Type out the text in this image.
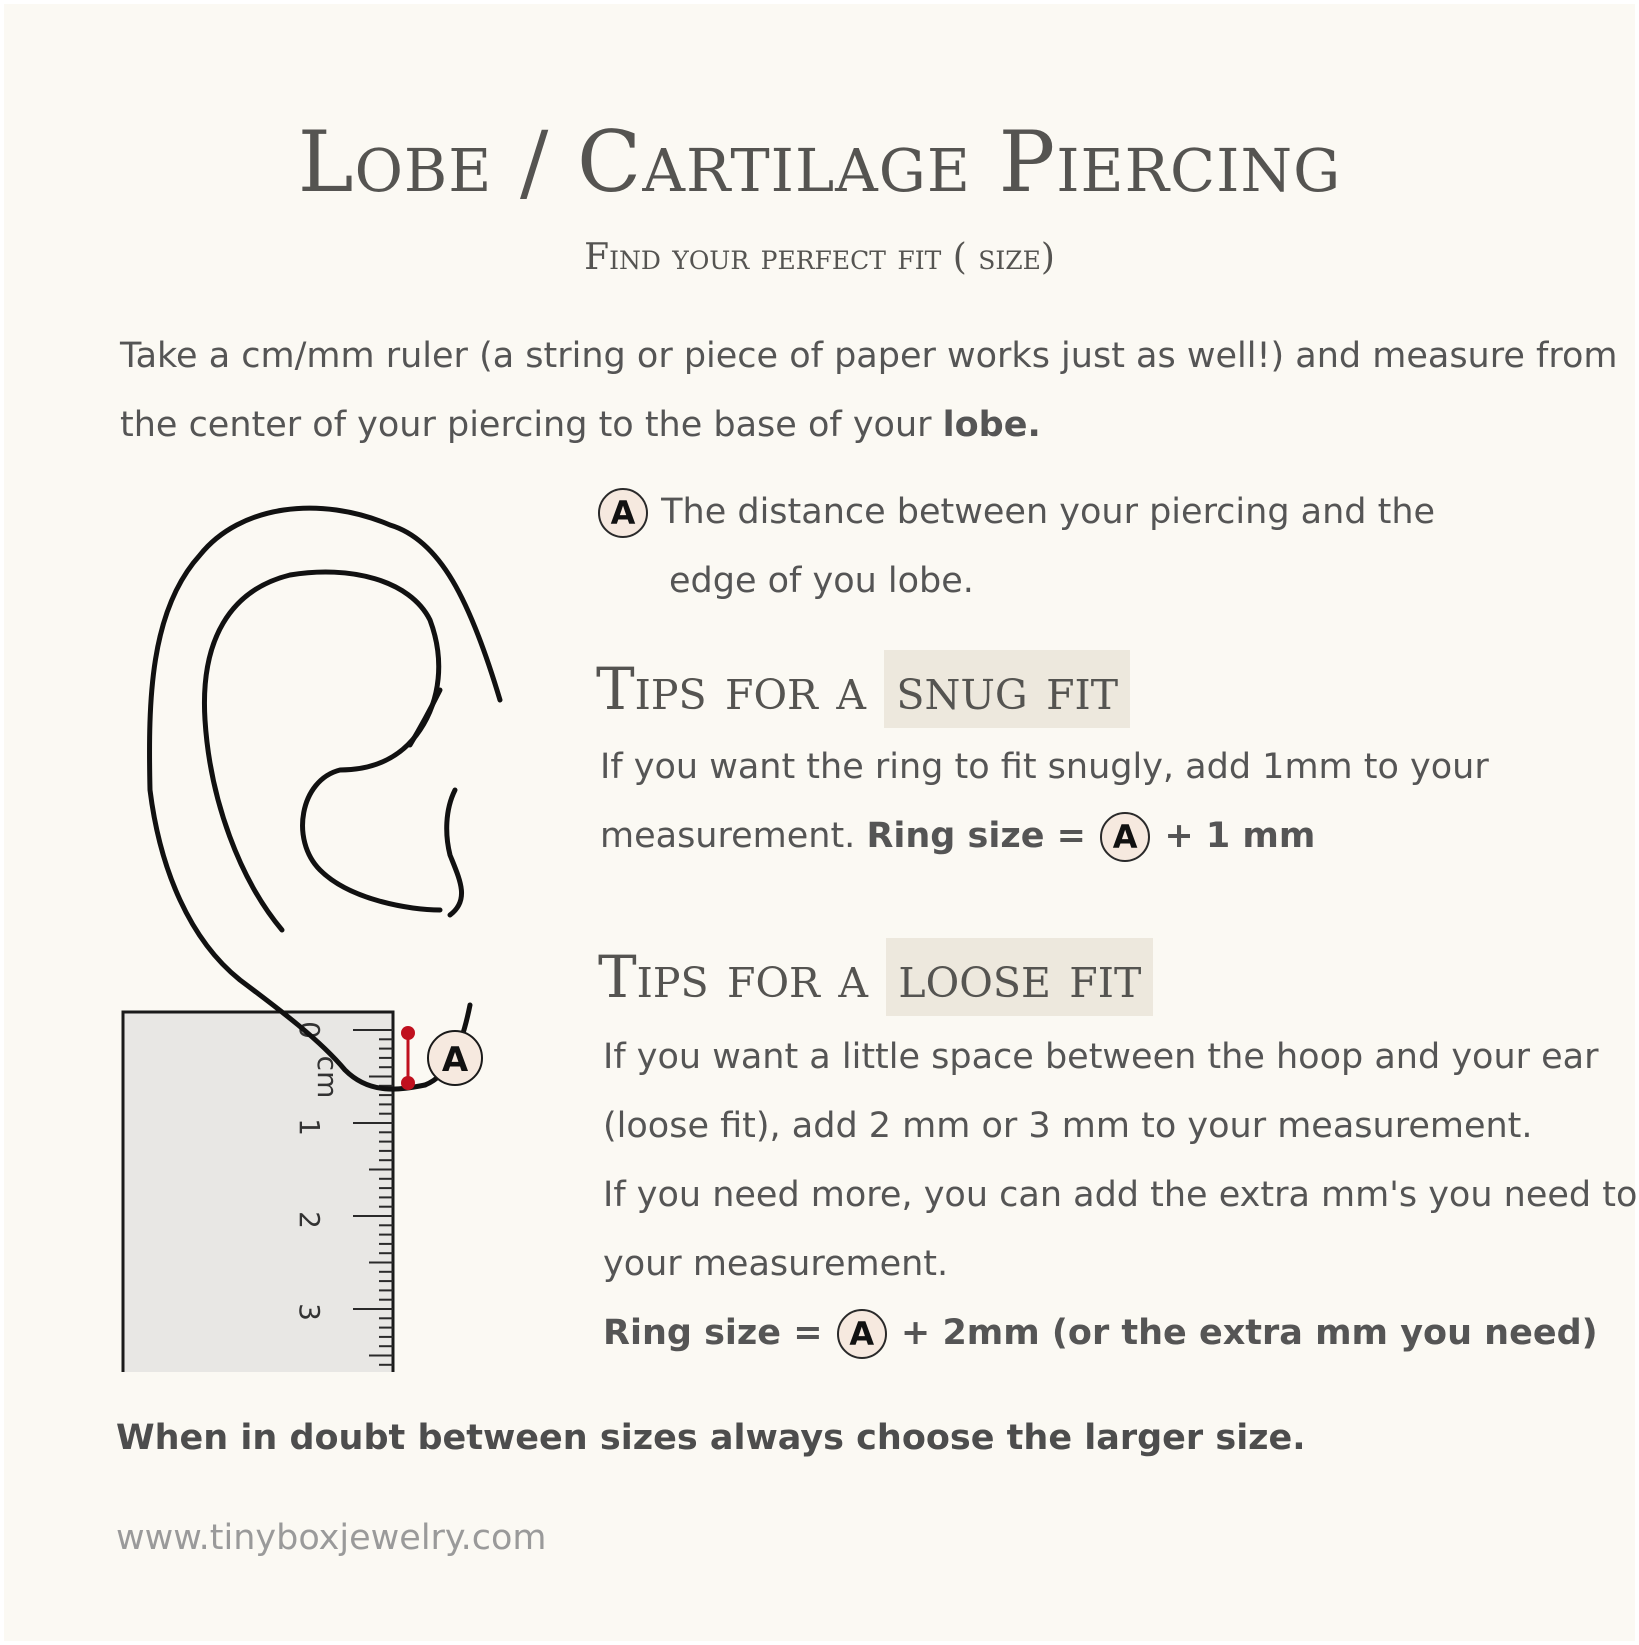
Lobe / Cartilage Piercing
Find your perfect fit ( size)
Take a cm/mm ruler (a string or piece of paper works just as well!) and measure from
the center of your piercing to the base of your lobe.
0
cm
1
2
3
A
A The distance between your piercing and the
edge of you lobe.
Tips for a snug fit
If you want the ring to fit snugly, add 1mm to your
measurement. Ring size = A + 1 mm
Tips for a loose fit
If you want a little space between the hoop and your ear
(loose fit), add 2 mm or 3 mm to your measurement.
If you need more, you can add the extra mm's you need to
your measurement.
Ring size = A + 2mm (or the extra mm you need)
When in doubt between sizes always choose the larger size.
www.tinyboxjewelry.com
